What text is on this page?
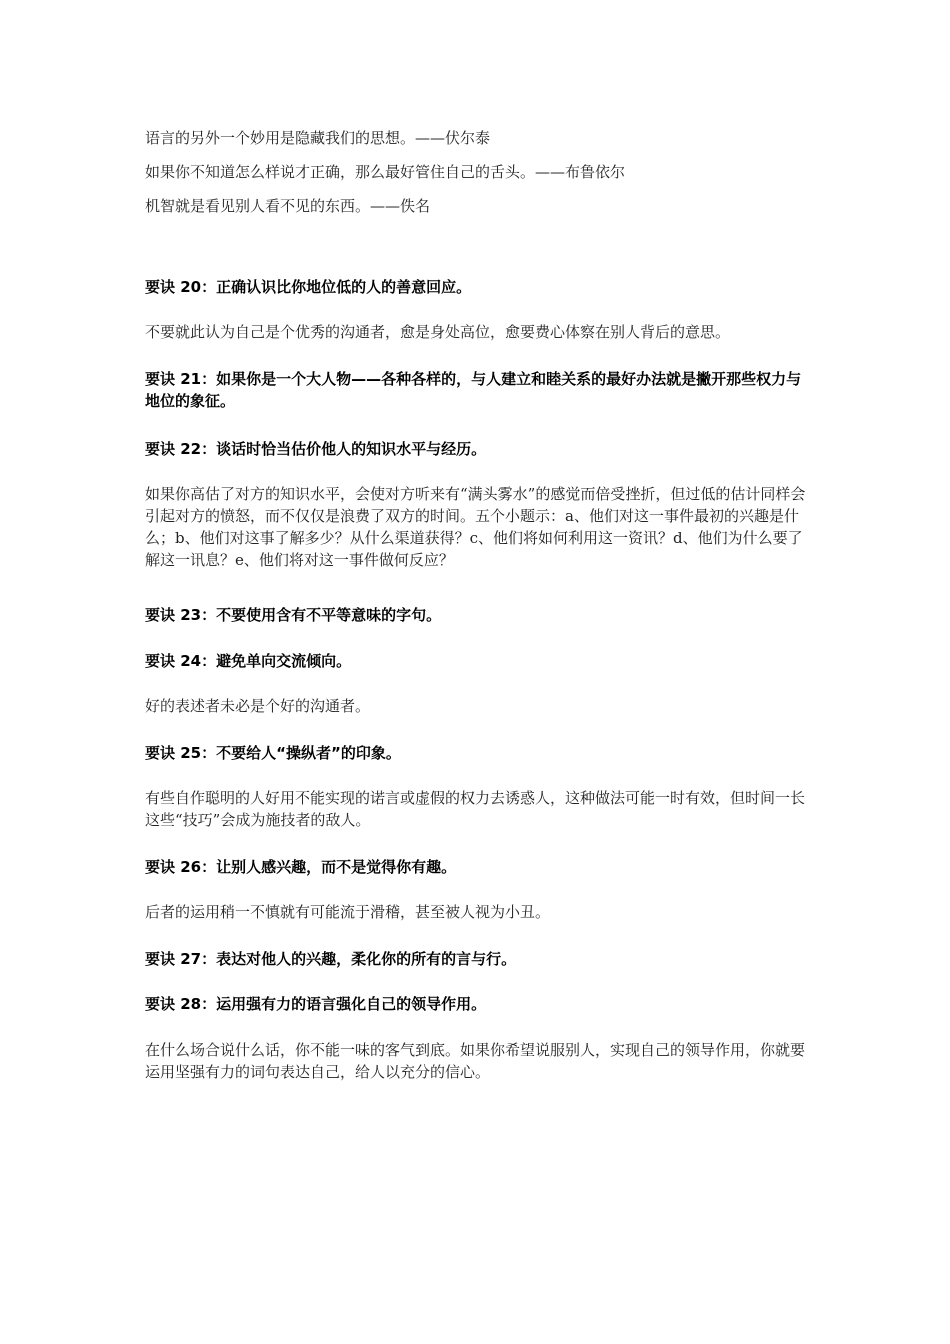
语言的另外一个妙用是隐藏我们的思想。——伏尔泰

如果你不知道怎么样说才正确，那么最好管住自己的舌头。——布鲁依尔

机智就是看见别人看不见的东西。——佚名

要诀 20：正确认识比你地位低的人的善意回应。

不要就此认为自己是个优秀的沟通者，愈是身处高位，愈要费心体察在别人背后的意思。

要诀 21：如果你是一个大人物——各种各样的，与人建立和睦关系的最好办法就是撇开那些权力与地位的象征。

要诀 22：谈话时恰当估价他人的知识水平与经历。

如果你高估了对方的知识水平，会使对方听来有“满头雾水”的感觉而倍受挫折，但过低的估计同样会引起对方的愤怒，而不仅仅是浪费了双方的时间。五个小题示：a、他们对这一事件最初的兴趣是什么；b、他们对这事了解多少？从什么渠道获得？c、他们将如何利用这一资讯？d、他们为什么要了解这一讯息？e、他们将对这一事件做何反应？

要诀 23：不要使用含有不平等意味的字句。

要诀 24：避免单向交流倾向。

好的表述者未必是个好的沟通者。

要诀 25：不要给人“操纵者”的印象。

有些自作聪明的人好用不能实现的诺言或虚假的权力去诱惑人，这种做法可能一时有效，但时间一长这些“技巧”会成为施技者的敌人。

要诀 26：让别人感兴趣，而不是觉得你有趣。

后者的运用稍一不慎就有可能流于滑稽，甚至被人视为小丑。

要诀 27：表达对他人的兴趣，柔化你的所有的言与行。

要诀 28：运用强有力的语言强化自己的领导作用。

在什么场合说什么话，你不能一味的客气到底。如果你希望说服别人，实现自己的领导作用，你就要运用坚强有力的词句表达自己，给人以充分的信心。
